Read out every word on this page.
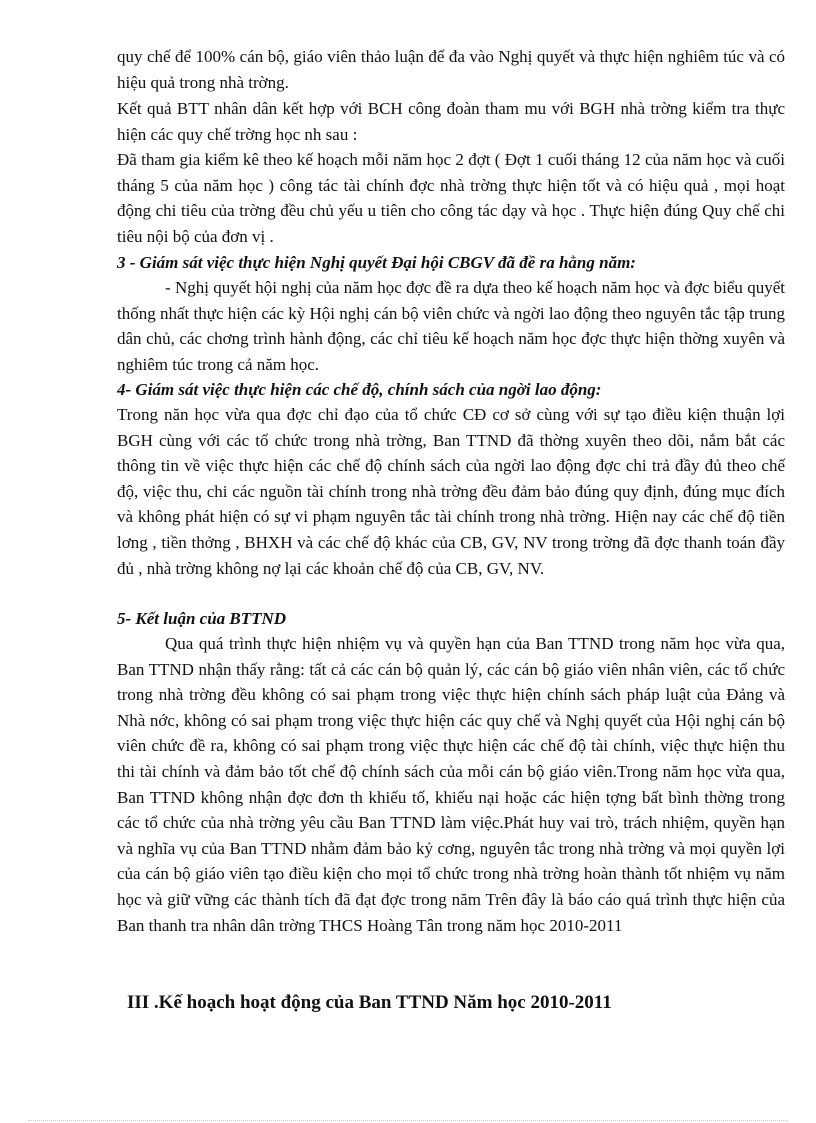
quy chế để 100% cán bộ, giáo viên thảo luận để đa vào Nghị quyết và thực hiện nghiêm túc và có hiệu quả trong nhà trờng.

Kết quả BTT nhân dân kết hợp với BCH công đoàn tham mu với BGH nhà trờng kiểm tra thực hiện các quy chế trờng học nh sau :

Đã tham gia kiểm kê theo kế hoạch mỗi năm học 2 đợt ( Đợt 1 cuối tháng 12 của năm học và cuối tháng 5 của năm học ) công tác tài chính đợc nhà trờng thực hiện tốt và có hiệu quả , mọi hoạt động chi tiêu của trờng đều chủ yếu u tiên cho công tác dạy và học . Thực hiện đúng Quy chế chi tiêu nội bộ của đơn vị .

3 - Giám sát việc thực hiện Nghị quyết Đại hội CBGV đã đề ra hằng năm:

- Nghị quyết hội nghị của năm học đợc đề ra dựa theo kế hoạch năm học và đợc biểu quyết thống nhất thực hiện các kỳ Hội nghị cán bộ viên chức và ngời lao động theo nguyên tắc tập trung dân chủ, các chơng trình hành động, các chỉ tiêu kế hoạch năm học đợc thực hiện thờng xuyên và nghiêm túc trong cả năm học.

4- Giám sát việc thực hiện các chế độ, chính sách của ngời lao động:

Trong năn học vừa qua đợc chỉ đạo của tổ chức CĐ cơ sở cùng với sự tạo điều kiện thuận lợi BGH cùng với các tổ chức trong nhà trờng, Ban TTND đã thờng xuyên theo dõi, nắm bắt các thông tin về việc thực hiện các chế độ chính sách của ngời lao động đợc chi trả đầy đủ theo chế độ, việc thu, chi các nguồn tài chính trong nhà trờng đều đảm bảo đúng quy định, đúng mục đích và không phát hiện có sự vi phạm nguyên tắc tài chính trong nhà trờng. Hiện nay các chế độ tiền lơng , tiền thởng , BHXH và các chế độ khác của CB, GV, NV trong trờng đã đợc thanh toán đầy đủ , nhà trờng không nợ lại các khoản chế độ của CB, GV, NV.

5- Kết luận của BTTND

Qua quá trình thực hiện nhiệm vụ và quyền hạn của Ban TTND trong năm học vừa qua, Ban TTND nhận thấy rằng: tất cả các cán bộ quản lý, các cán bộ giáo viên nhân viên, các tổ chức trong nhà trờng đều không có sai phạm trong việc thực hiện chính sách pháp luật của Đảng và Nhà nớc, không có sai phạm trong việc thực hiện các quy chế và Nghị quyết của Hội nghị cán bộ viên chức đề ra, không có sai phạm trong việc thực hiện các chế độ tài chính, việc thực hiện thu thi tài chính và đảm bảo tốt chế độ chính sách của mỗi cán bộ giáo viên.Trong năm học vừa qua, Ban TTND không nhận đợc đơn th khiếu tố, khiếu nại hoặc các hiện tợng bất bình thờng trong các tổ chức của nhà trờng yêu cầu Ban TTND làm việc.Phát huy vai trò, trách nhiệm, quyền hạn và nghĩa vụ của Ban TTND nhằm đảm bảo kỷ cơng, nguyên tắc trong nhà trờng và mọi quyền lợi của cán bộ giáo viên tạo điều kiện cho mọi tổ chức trong nhà trờng hoàn thành tốt nhiệm vụ năm học và giữ vững các thành tích đã đạt đợc trong năm Trên đây là báo cáo quá trình thực hiện của Ban thanh tra nhân dân trờng THCS Hoàng Tân trong năm học 2010-2011

III .Kế hoạch hoạt động của Ban TTND Năm học 2010-2011
